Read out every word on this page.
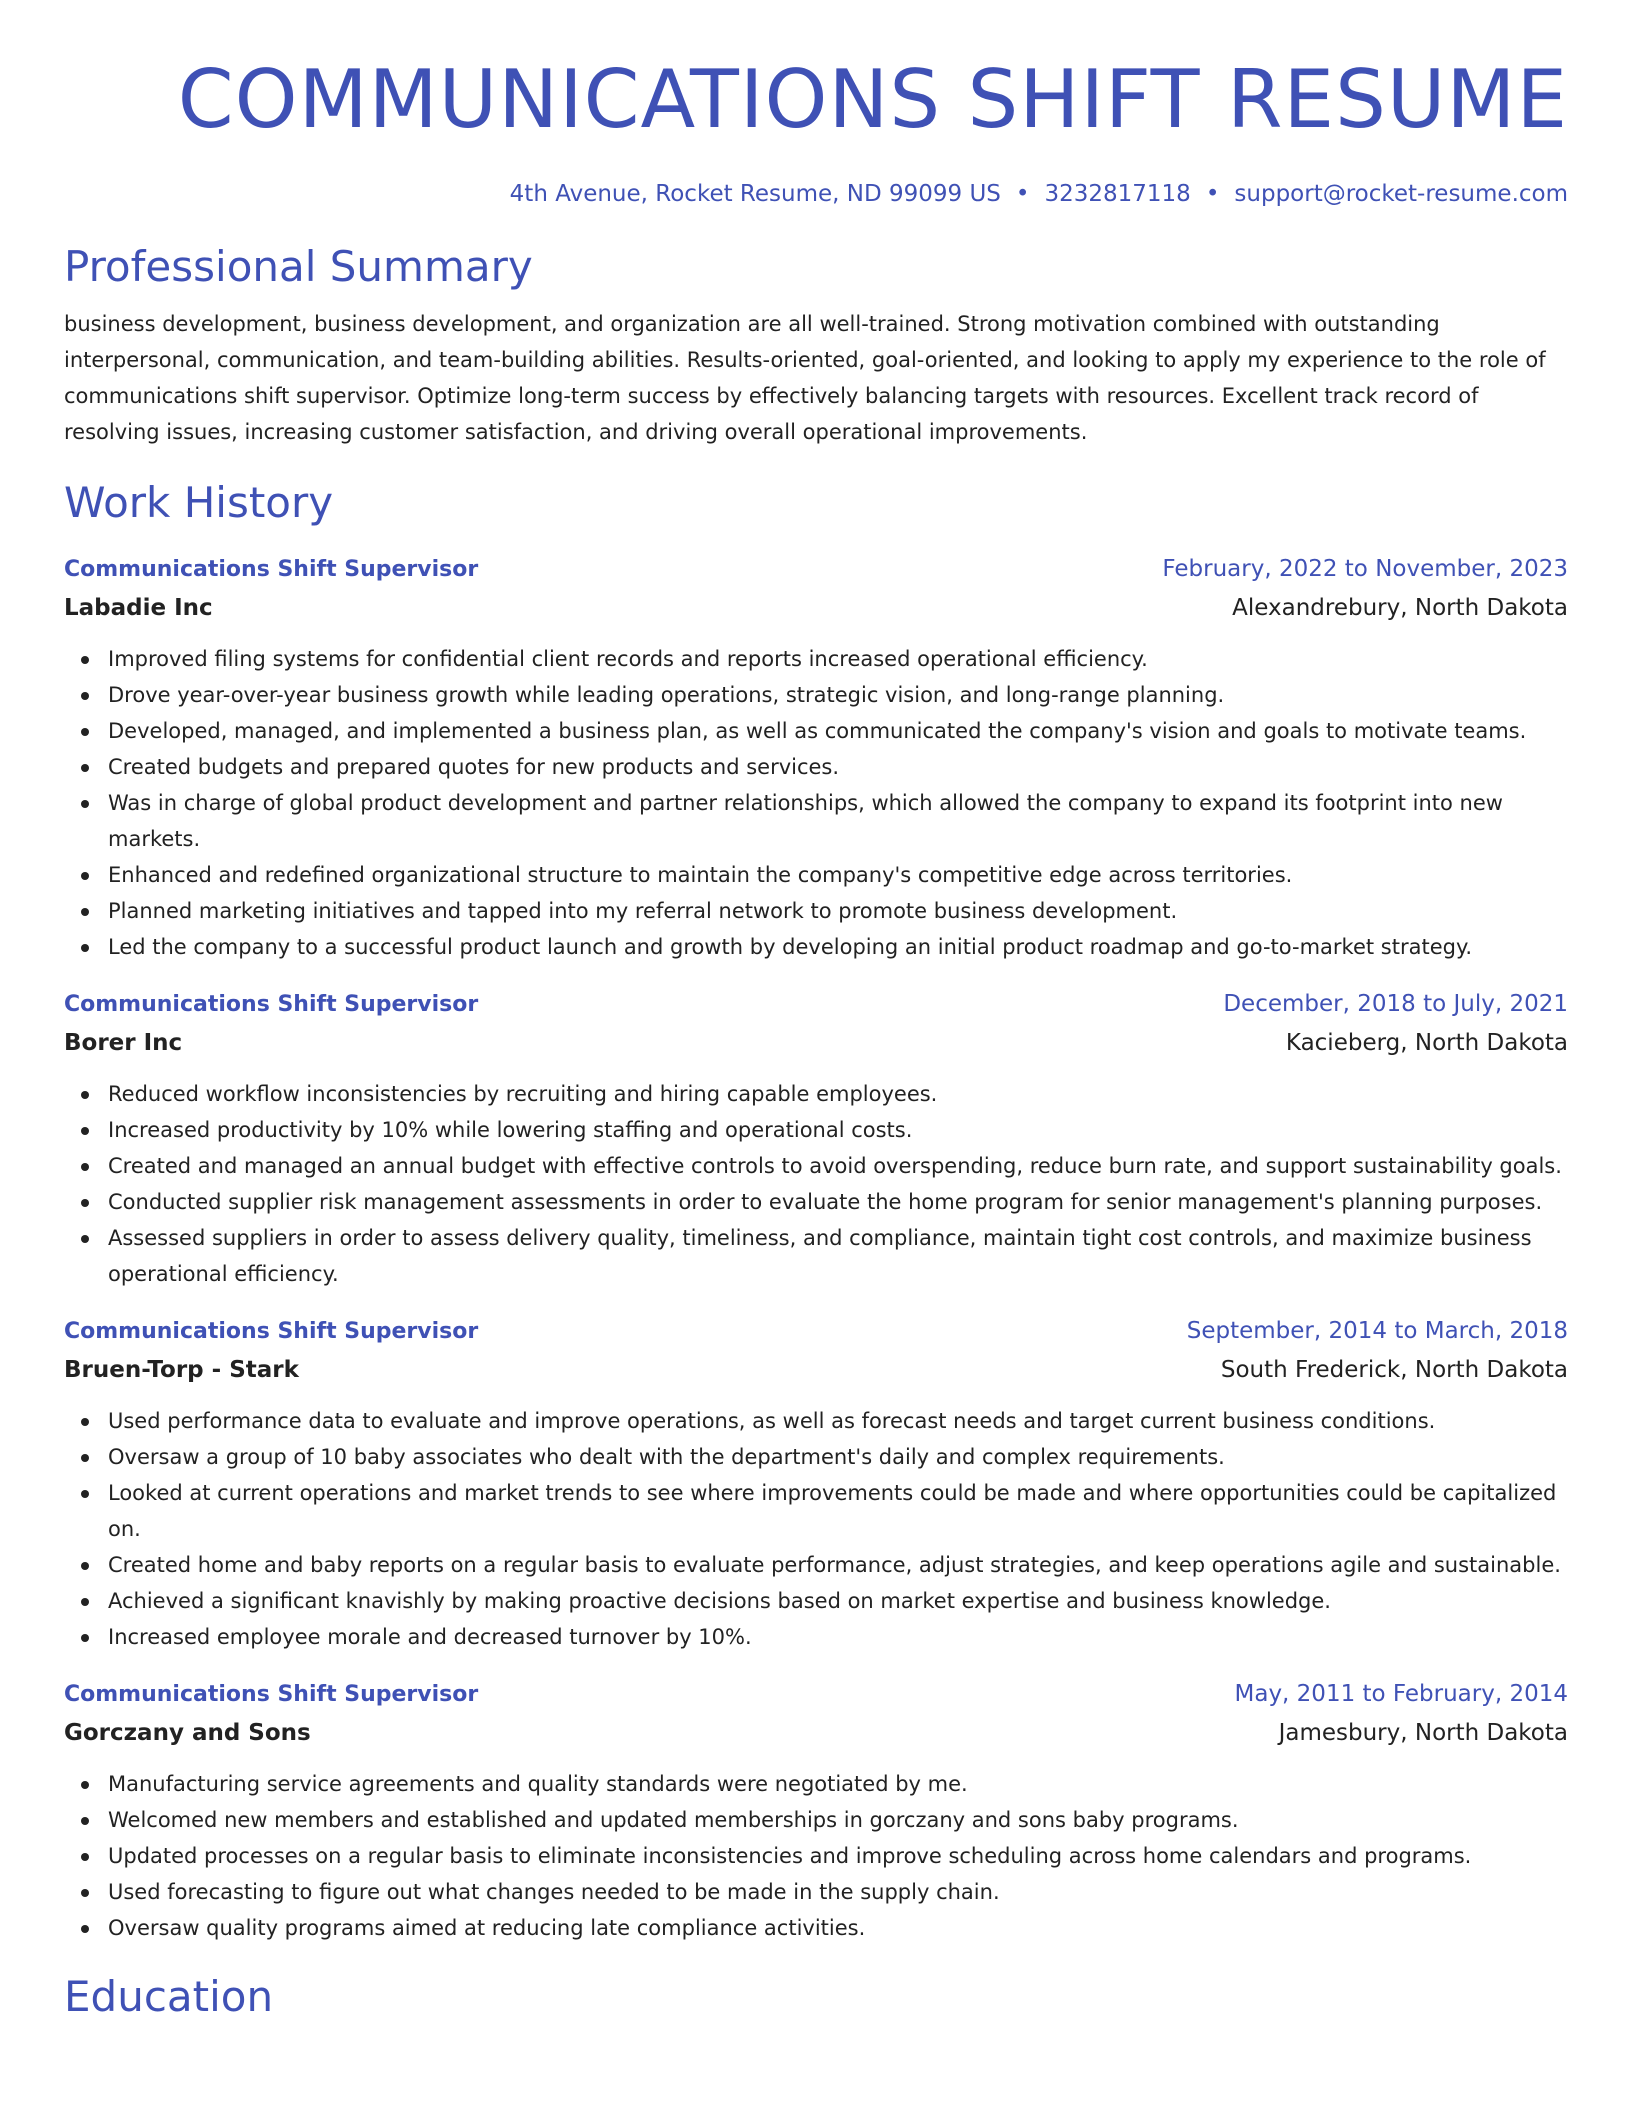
COMMUNICATIONS SHIFT RESUME
4th Avenue, Rocket Resume, ND 99099 US • 3232817118 • support@rocket-resume.com
Professional Summary
business development, business development, and organization are all well-trained. Strong motivation combined with outstanding interpersonal, communication, and team-building abilities. Results-oriented, goal-oriented, and looking to apply my experience to the role of communications shift supervisor. Optimize long-term success by effectively balancing targets with resources. Excellent track record of resolving issues, increasing customer satisfaction, and driving overall operational improvements.
Work History
Communications Shift Supervisor	February, 2022 to November, 2023
Labadie Inc	Alexandrebury, North Dakota
Improved filing systems for confidential client records and reports increased operational efficiency.
Drove year-over-year business growth while leading operations, strategic vision, and long-range planning.
Developed, managed, and implemented a business plan, as well as communicated the company's vision and goals to motivate teams.
Created budgets and prepared quotes for new products and services.
Was in charge of global product development and partner relationships, which allowed the company to expand its footprint into new markets.
Enhanced and redefined organizational structure to maintain the company's competitive edge across territories.
Planned marketing initiatives and tapped into my referral network to promote business development.
Led the company to a successful product launch and growth by developing an initial product roadmap and go-to-market strategy.
Communications Shift Supervisor	December, 2018 to July, 2021
Borer Inc	Kacieberg, North Dakota
Reduced workflow inconsistencies by recruiting and hiring capable employees.
Increased productivity by 10% while lowering staffing and operational costs.
Created and managed an annual budget with effective controls to avoid overspending, reduce burn rate, and support sustainability goals.
Conducted supplier risk management assessments in order to evaluate the home program for senior management's planning purposes.
Assessed suppliers in order to assess delivery quality, timeliness, and compliance, maintain tight cost controls, and maximize business operational efficiency.
Communications Shift Supervisor	September, 2014 to March, 2018
Bruen-Torp - Stark	South Frederick, North Dakota
Used performance data to evaluate and improve operations, as well as forecast needs and target current business conditions.
Oversaw a group of 10 baby associates who dealt with the department's daily and complex requirements.
Looked at current operations and market trends to see where improvements could be made and where opportunities could be capitalized on.
Created home and baby reports on a regular basis to evaluate performance, adjust strategies, and keep operations agile and sustainable.
Achieved a significant knavishly by making proactive decisions based on market expertise and business knowledge.
Increased employee morale and decreased turnover by 10%.
Communications Shift Supervisor	May, 2011 to February, 2014
Gorczany and Sons	Jamesbury, North Dakota
Manufacturing service agreements and quality standards were negotiated by me.
Welcomed new members and established and updated memberships in gorczany and sons baby programs.
Updated processes on a regular basis to eliminate inconsistencies and improve scheduling across home calendars and programs.
Used forecasting to figure out what changes needed to be made in the supply chain.
Oversaw quality programs aimed at reducing late compliance activities.
Education
